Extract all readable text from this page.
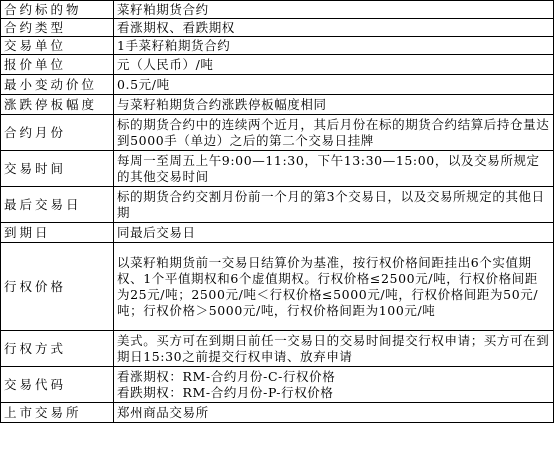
合约标的物	菜籽粕期货合约
合约类型	看涨期权、看跌期权
交易单位	1手菜籽粕期货合约
报价单位	元（人民币）/吨
最小变动价位	0.5元/吨
涨跌停板幅度	与菜籽粕期货合约涨跌停板幅度相同
合约月份	标的期货合约中的连续两个近月，其后月份在标的期货合约结算后持仓量达到5000手（单边）之后的第二个交易日挂牌
交易时间	每周一至周五上午9:00—11:30，下午13:30—15:00，以及交易所规定的其他交易时间
最后交易日	标的期货合约交割月份前一个月的第3个交易日，以及交易所规定的其他日期
到期日	同最后交易日
行权价格	以菜籽粕期货前一交易日结算价为基准，按行权价格间距挂出6个实值期权、1个平值期权和6个虚值期权。行权价格≤2500元/吨，行权价格间距为25元/吨；2500元/吨＜行权价格≤5000元/吨，行权价格间距为50元/吨；行权价格＞5000元/吨，行权价格间距为100元/吨
行权方式	美式。买方可在到期日前任一交易日的交易时间提交行权申请；买方可在到期日15:30之前提交行权申请、放弃申请
交易代码	看涨期权：RM-合约月份-C-行权价格
看跌期权：RM-合约月份-P-行权价格

上市交易所	郑州商品交易所
